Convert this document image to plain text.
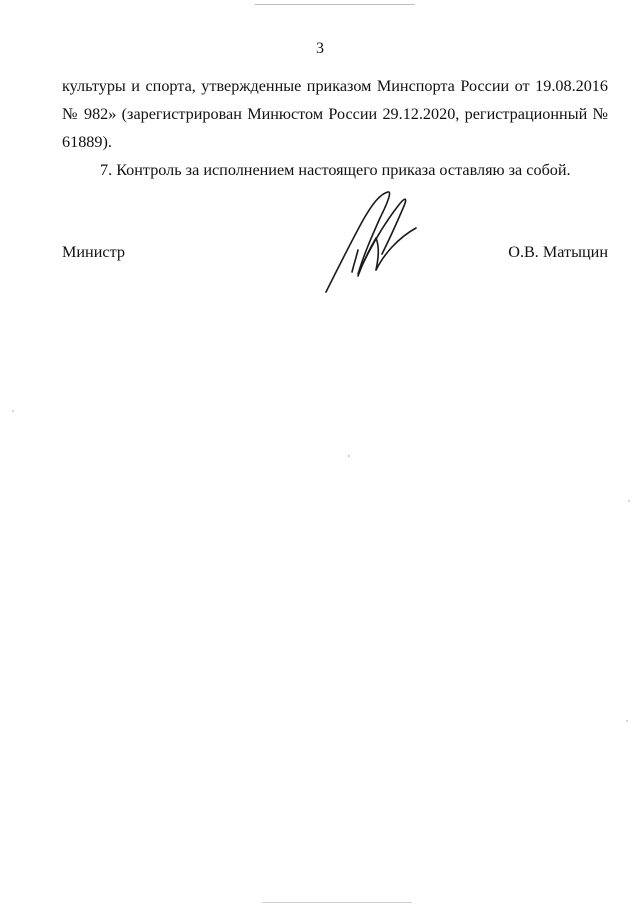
3

культуры и спорта, утвержденные приказом Минспорта России от 19.08.2016 № 982» (зарегистрирован Минюстом России 29.12.2020, регистрационный № 61889).

7. Контроль за исполнением настоящего приказа оставляю за собой.

Министр	О.В. Матыцин
